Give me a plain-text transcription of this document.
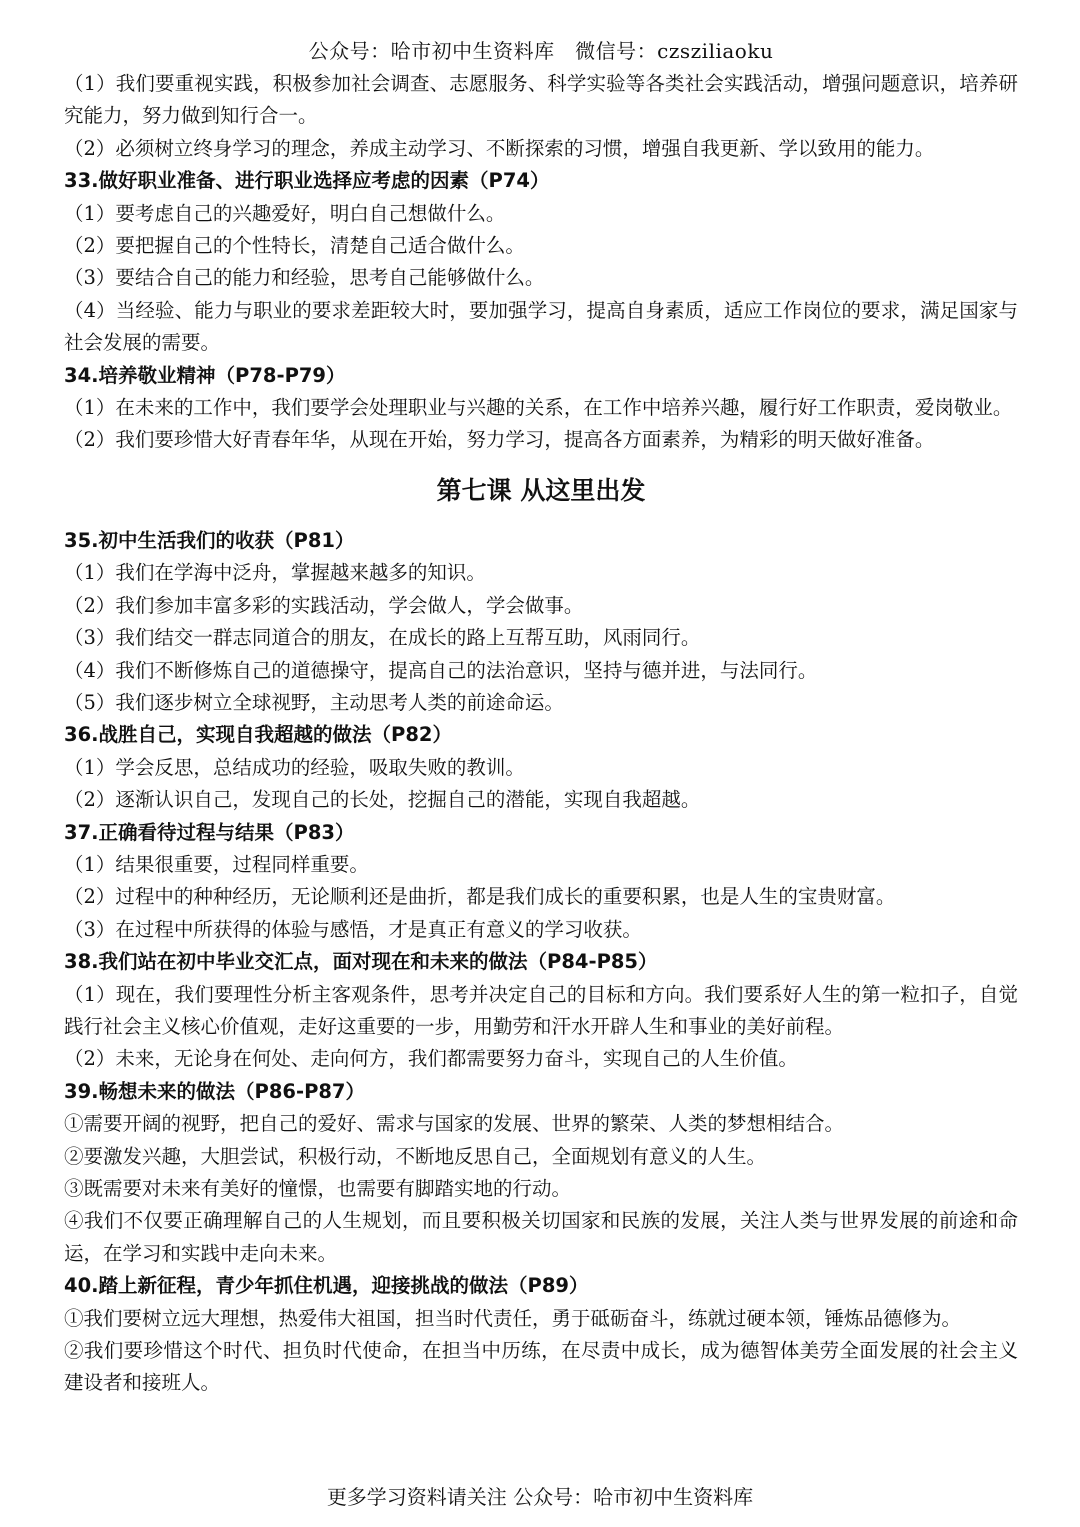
公众号：哈市初中生资料库　微信号：czsziliaoku
（1）我们要重视实践，积极参加社会调查、志愿服务、科学实验等各类社会实践活动，增强问题意识，培养研究能力，努力做到知行合一。
（2）必须树立终身学习的理念，养成主动学习、不断探索的习惯，增强自我更新、学以致用的能力。
33.做好职业准备、进行职业选择应考虑的因素（P74）
（1）要考虑自己的兴趣爱好，明白自己想做什么。
（2）要把握自己的个性特长，清楚自己适合做什么。
（3）要结合自己的能力和经验，思考自己能够做什么。
（4）当经验、能力与职业的要求差距较大时，要加强学习，提高自身素质，适应工作岗位的要求，满足国家与社会发展的需要。
34.培养敬业精神（P78-P79）
（1）在未来的工作中，我们要学会处理职业与兴趣的关系，在工作中培养兴趣，履行好工作职责，爱岗敬业。
（2）我们要珍惜大好青春年华，从现在开始，努力学习，提高各方面素养，为精彩的明天做好准备。
第七课 从这里出发
35.初中生活我们的收获（P81）
（1）我们在学海中泛舟，掌握越来越多的知识。
（2）我们参加丰富多彩的实践活动，学会做人，学会做事。
（3）我们结交一群志同道合的朋友，在成长的路上互帮互助，风雨同行。
（4）我们不断修炼自己的道德操守，提高自己的法治意识，坚持与德并进，与法同行。
（5）我们逐步树立全球视野，主动思考人类的前途命运。
36.战胜自己，实现自我超越的做法（P82）
（1）学会反思，总结成功的经验，吸取失败的教训。
（2）逐渐认识自己，发现自己的长处，挖掘自己的潜能，实现自我超越。
37.正确看待过程与结果（P83）
（1）结果很重要，过程同样重要。
（2）过程中的种种经历，无论顺利还是曲折，都是我们成长的重要积累，也是人生的宝贵财富。
（3）在过程中所获得的体验与感悟，才是真正有意义的学习收获。
38.我们站在初中毕业交汇点，面对现在和未来的做法（P84-P85）
（1）现在，我们要理性分析主客观条件，思考并决定自己的目标和方向。我们要系好人生的第一粒扣子，自觉践行社会主义核心价值观，走好这重要的一步，用勤劳和汗水开辟人生和事业的美好前程。
（2）未来，无论身在何处、走向何方，我们都需要努力奋斗，实现自己的人生价值。
39.畅想未来的做法（P86-P87）
①需要开阔的视野，把自己的爱好、需求与国家的发展、世界的繁荣、人类的梦想相结合。
②要激发兴趣，大胆尝试，积极行动，不断地反思自己，全面规划有意义的人生。
③既需要对未来有美好的憧憬，也需要有脚踏实地的行动。
④我们不仅要正确理解自己的人生规划，而且要积极关切国家和民族的发展，关注人类与世界发展的前途和命运，在学习和实践中走向未来。
40.踏上新征程，青少年抓住机遇，迎接挑战的做法（P89）
①我们要树立远大理想，热爱伟大祖国，担当时代责任，勇于砥砺奋斗，练就过硬本领，锤炼品德修为。
②我们要珍惜这个时代、担负时代使命，在担当中历练，在尽责中成长，成为德智体美劳全面发展的社会主义建设者和接班人。
更多学习资料请关注 公众号：哈市初中生资料库
